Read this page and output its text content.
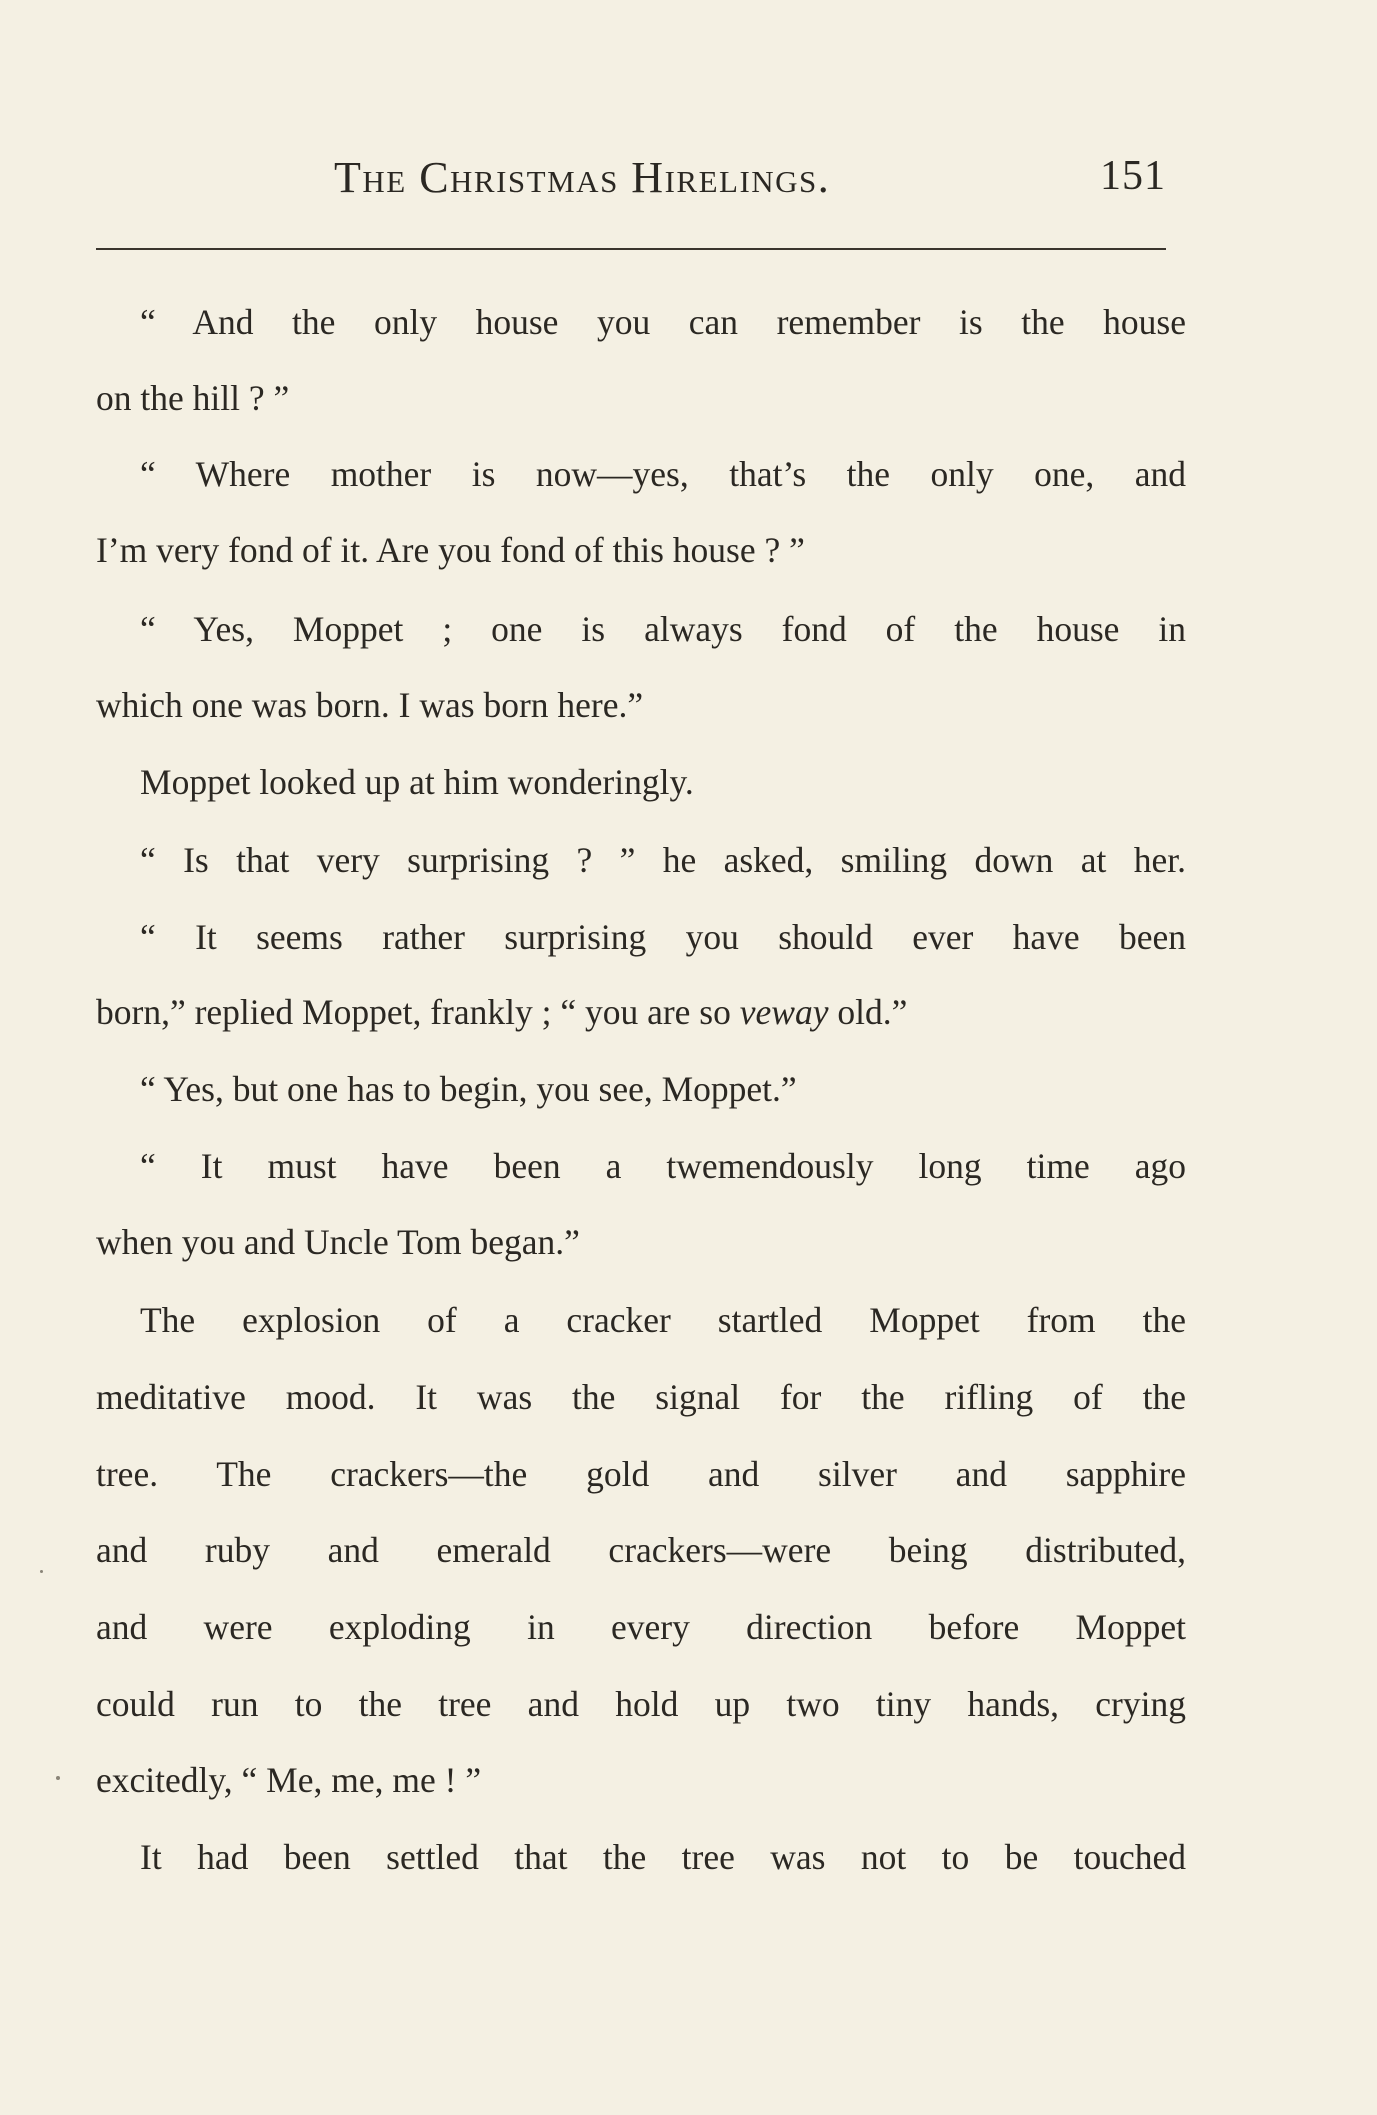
The Christmas Hirelings.	151
“ And the only house you can remember is the house
on the hill ? ”
“ Where mother is now—yes, that’s the only one, and
I’m very fond of it. Are you fond of this house ? ”
“ Yes, Moppet ; one is always fond of the house in
which one was born. I was born here.”
Moppet looked up at him wonderingly.
“ Is that very surprising ? ” he asked, smiling down at her.
“ It seems rather surprising you should ever have been
born,” replied Moppet, frankly ; “ you are so veway old.”
“ Yes, but one has to begin, you see, Moppet.”
“ It must have been a twemendously long time ago
when you and Uncle Tom began.”
The explosion of a cracker startled Moppet from the
meditative mood. It was the signal for the rifling of the
tree. The crackers—the gold and silver and sapphire
and ruby and emerald crackers—were being distributed,
and were exploding in every direction before Moppet
could run to the tree and hold up two tiny hands, crying
excitedly, “ Me, me, me ! ”
It had been settled that the tree was not to be touched
